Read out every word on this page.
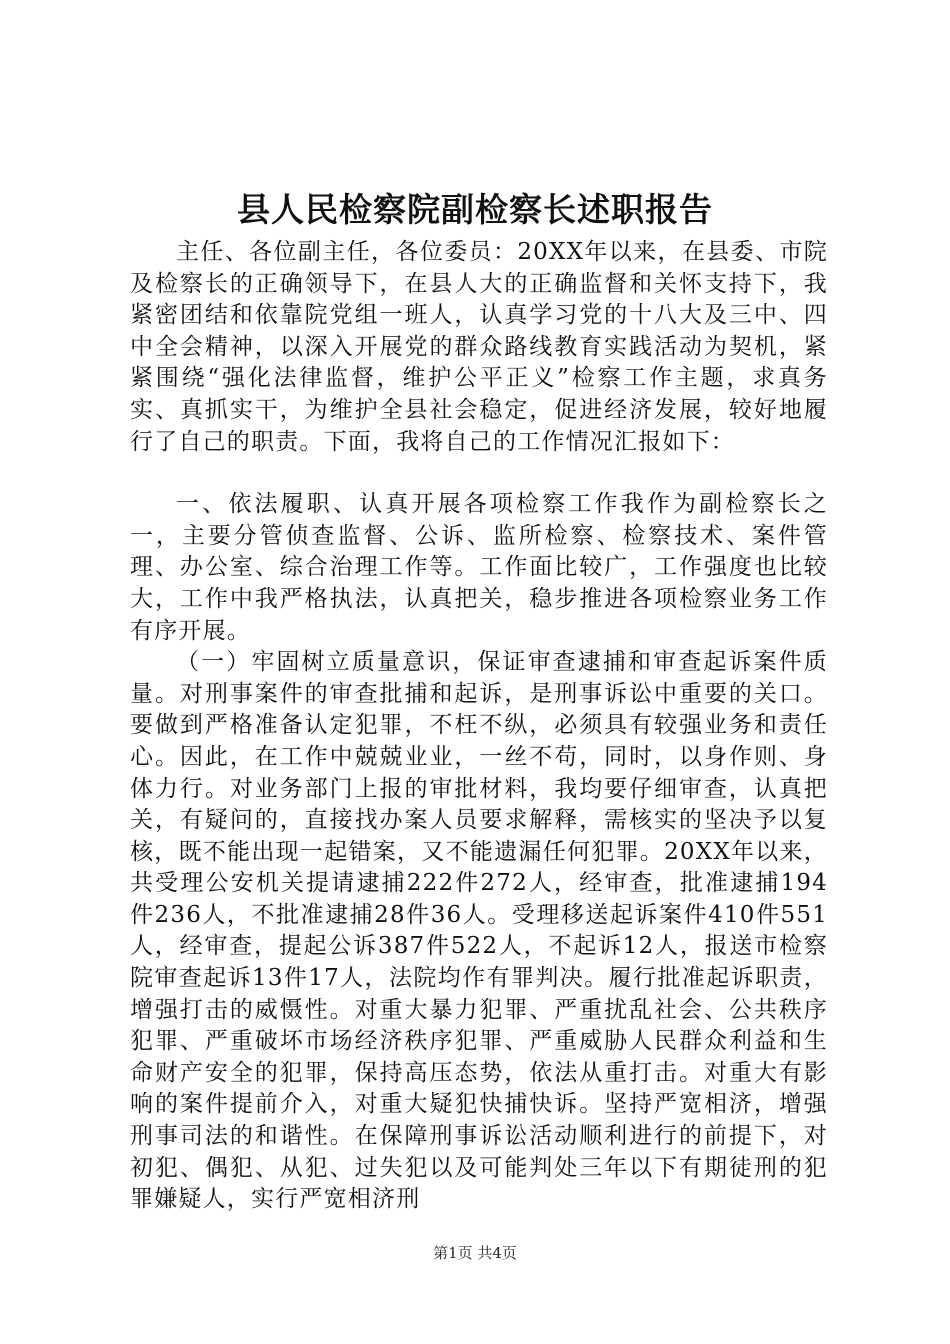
县人民检察院副检察长述职报告

主任、各位副主任，各位委员：20XX年以来，在县委、市院及检察长的正确领导下，在县人大的正确监督和关怀支持下，我紧密团结和依靠院党组一班人，认真学习党的十八大及三中、四中全会精神，以深入开展党的群众路线教育实践活动为契机，紧紧围绕“强化法律监督，维护公平正义”检察工作主题，求真务实、真抓实干，为维护全县社会稳定，促进经济发展，较好地履行了自己的职责。下面，我将自己的工作情况汇报如下：

一、依法履职、认真开展各项检察工作我作为副检察长之一，主要分管侦查监督、公诉、监所检察、检察技术、案件管理、办公室、综合治理工作等。工作面比较广，工作强度也比较大，工作中我严格执法，认真把关，稳步推进各项检察业务工作有序开展。

（一）牢固树立质量意识，保证审查逮捕和审查起诉案件质量。对刑事案件的审查批捕和起诉，是刑事诉讼中重要的关口。要做到严格准备认定犯罪，不枉不纵，必须具有较强业务和责任心。因此，在工作中兢兢业业，一丝不苟，同时，以身作则、身体力行。对业务部门上报的审批材料，我均要仔细审查，认真把关，有疑问的，直接找办案人员要求解释，需核实的坚决予以复核，既不能出现一起错案，又不能遗漏任何犯罪。20XX年以来，共受理公安机关提请逮捕222件272人，经审查，批准逮捕194件236人，不批准逮捕28件36人。受理移送起诉案件410件551人，经审查，提起公诉387件522人，不起诉12人，报送市检察院审查起诉13件17人，法院均作有罪判决。履行批准起诉职责，增强打击的威慑性。对重大暴力犯罪、严重扰乱社会、公共秩序犯罪、严重破坏市场经济秩序犯罪、严重威胁人民群众利益和生命财产安全的犯罪，保持高压态势，依法从重打击。对重大有影响的案件提前介入，对重大疑犯快捕快诉。坚持严宽相济，增强刑事司法的和谐性。在保障刑事诉讼活动顺利进行的前提下，对初犯、偶犯、从犯、过失犯以及可能判处三年以下有期徒刑的犯罪嫌疑人，实行严宽相济刑

第1页 共4页
